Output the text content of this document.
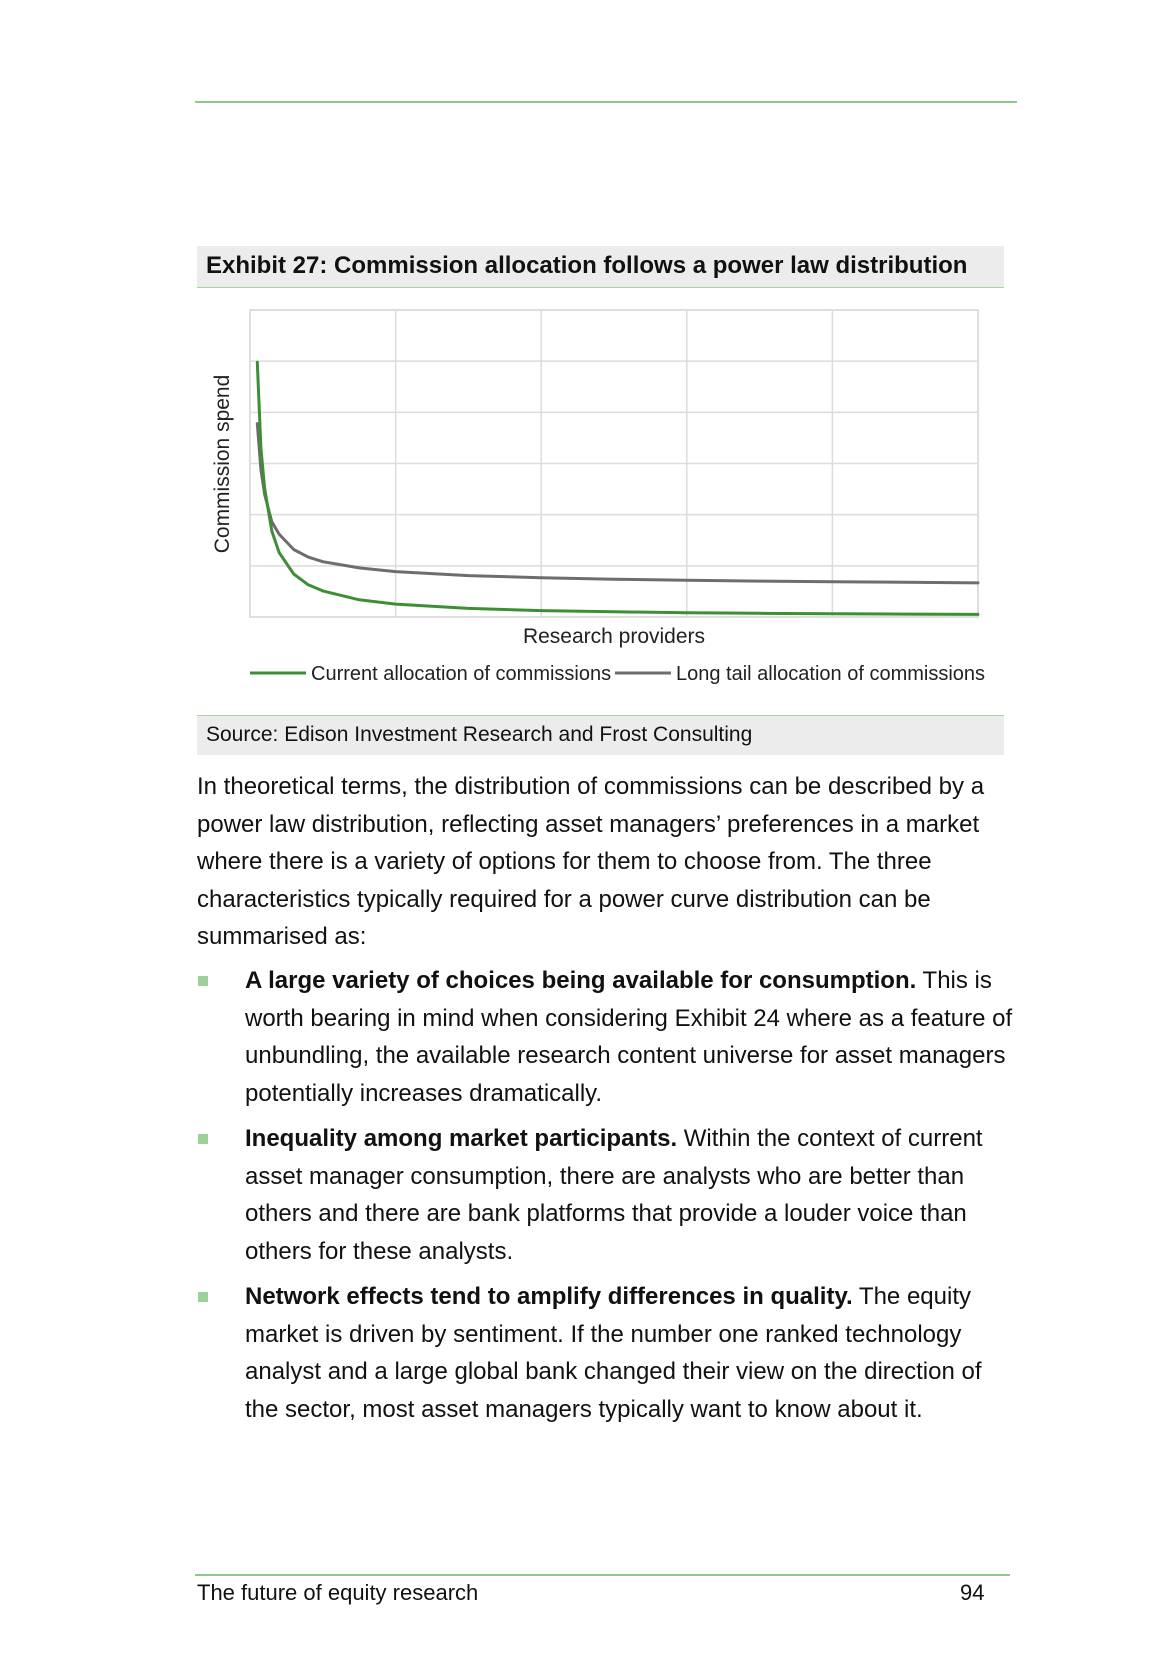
Exhibit 27: Commission allocation follows a power law distribution
Commission spend
Research providers
Current allocation of commissions	Long tail allocation of commissions
Source: Edison Investment Research and Frost Consulting

In theoretical terms, the distribution of commissions can be described by a power law distribution, reflecting asset managers’ preferences in a market where there is a variety of options for them to choose from. The three characteristics typically required for a power curve distribution can be summarised as:

A large variety of choices being available for consumption. This is worth bearing in mind when considering Exhibit 24 where as a feature of unbundling, the available research content universe for asset managers potentially increases dramatically.
Inequality among market participants. Within the context of current asset manager consumption, there are analysts who are better than others and there are bank platforms that provide a louder voice than others for these analysts.
Network effects tend to amplify differences in quality. The equity market is driven by sentiment. If the number one ranked technology analyst and a large global bank changed their view on the direction of the sector, most asset managers typically want to know about it.
The future of equity research	94
